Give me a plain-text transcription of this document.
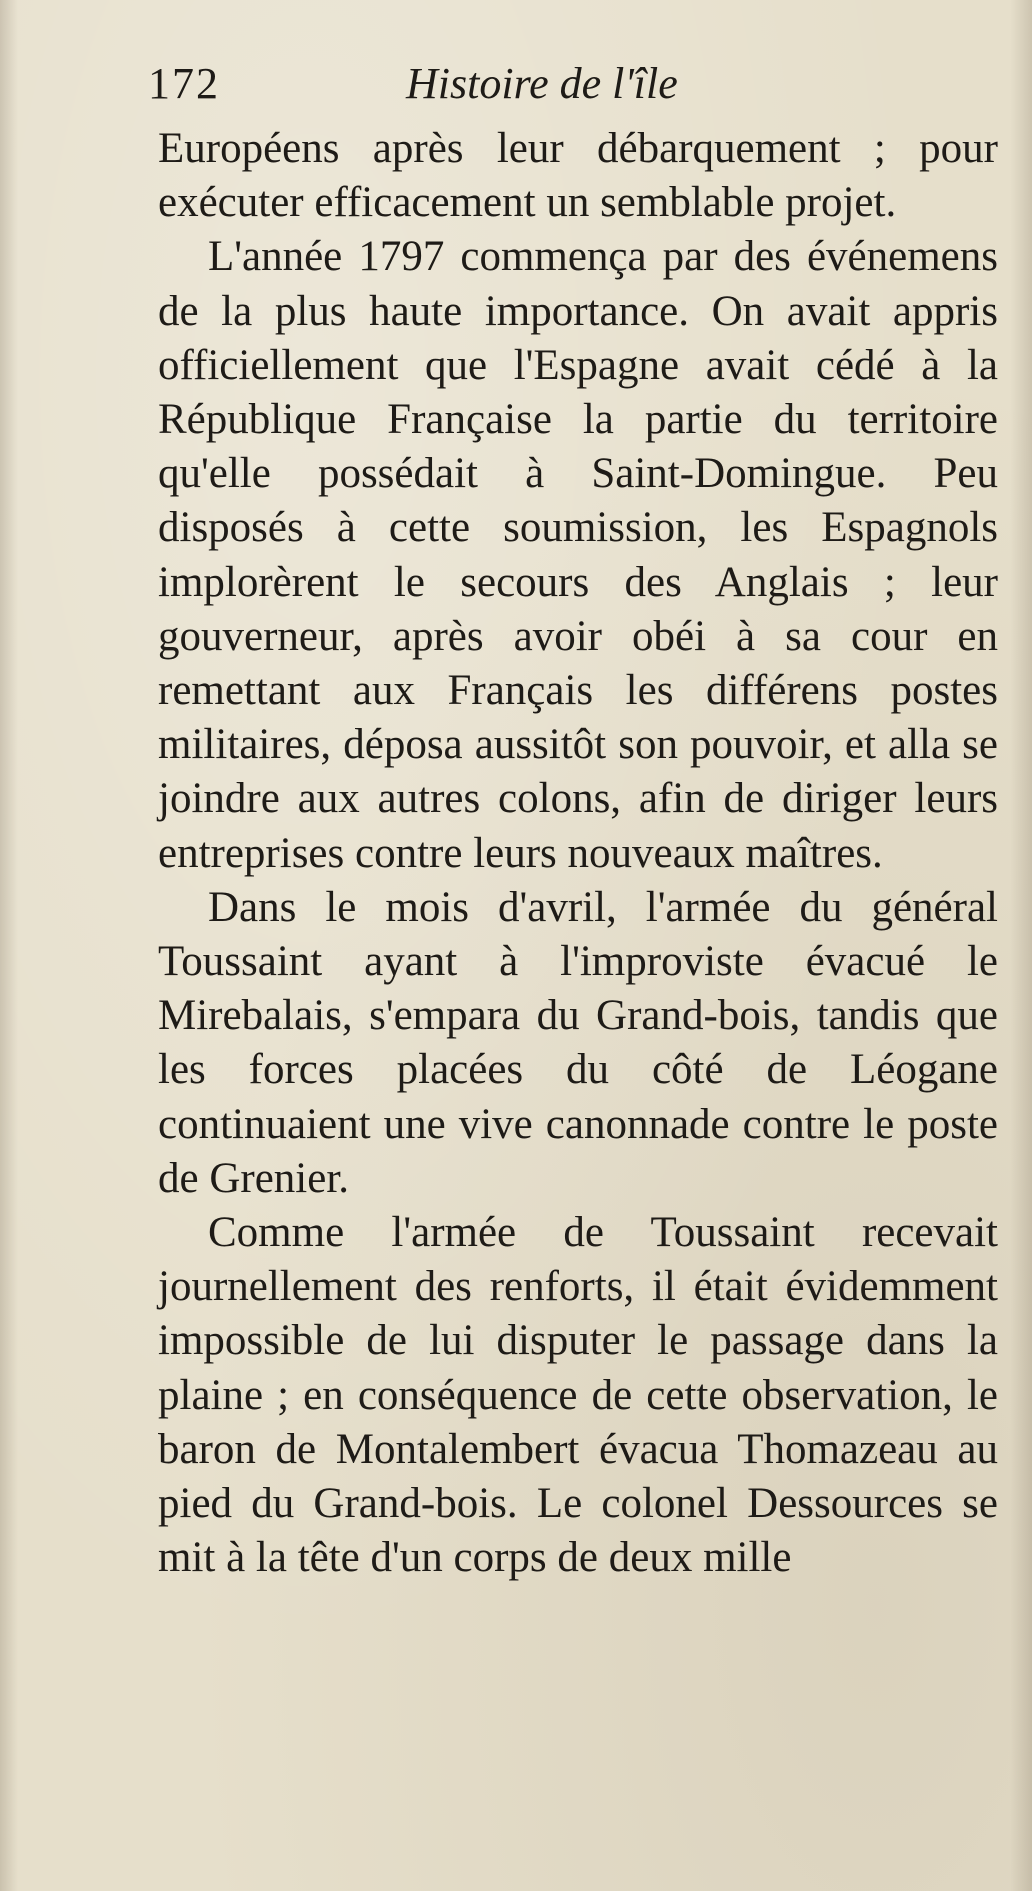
172	Histoire de l'île

Européens après leur débarquement ; pour exécuter efficacement un semblable projet.

L'année 1797 commença par des événemens de la plus haute importance. On avait appris officiellement que l'Espagne avait cédé à la République Française la partie du territoire qu'elle possédait à Saint-Domingue. Peu disposés à cette soumission, les Espagnols implorèrent le secours des Anglais ; leur gouverneur, après avoir obéi à sa cour en remettant aux Français les différens postes militaires, déposa aussitôt son pouvoir, et alla se joindre aux autres colons, afin de diriger leurs entreprises contre leurs nouveaux maîtres.

Dans le mois d'avril, l'armée du général Toussaint ayant à l'improviste évacué le Mirebalais, s'empara du Grand-bois, tandis que les forces placées du côté de Léogane continuaient une vive canonnade contre le poste de Grenier.

Comme l'armée de Toussaint recevait journellement des renforts, il était évidemment impossible de lui disputer le passage dans la plaine ; en conséquence de cette observation, le baron de Montalembert évacua Thomazeau au pied du Grand-bois. Le colonel Dessources se mit à la tête d'un corps de deux mille
